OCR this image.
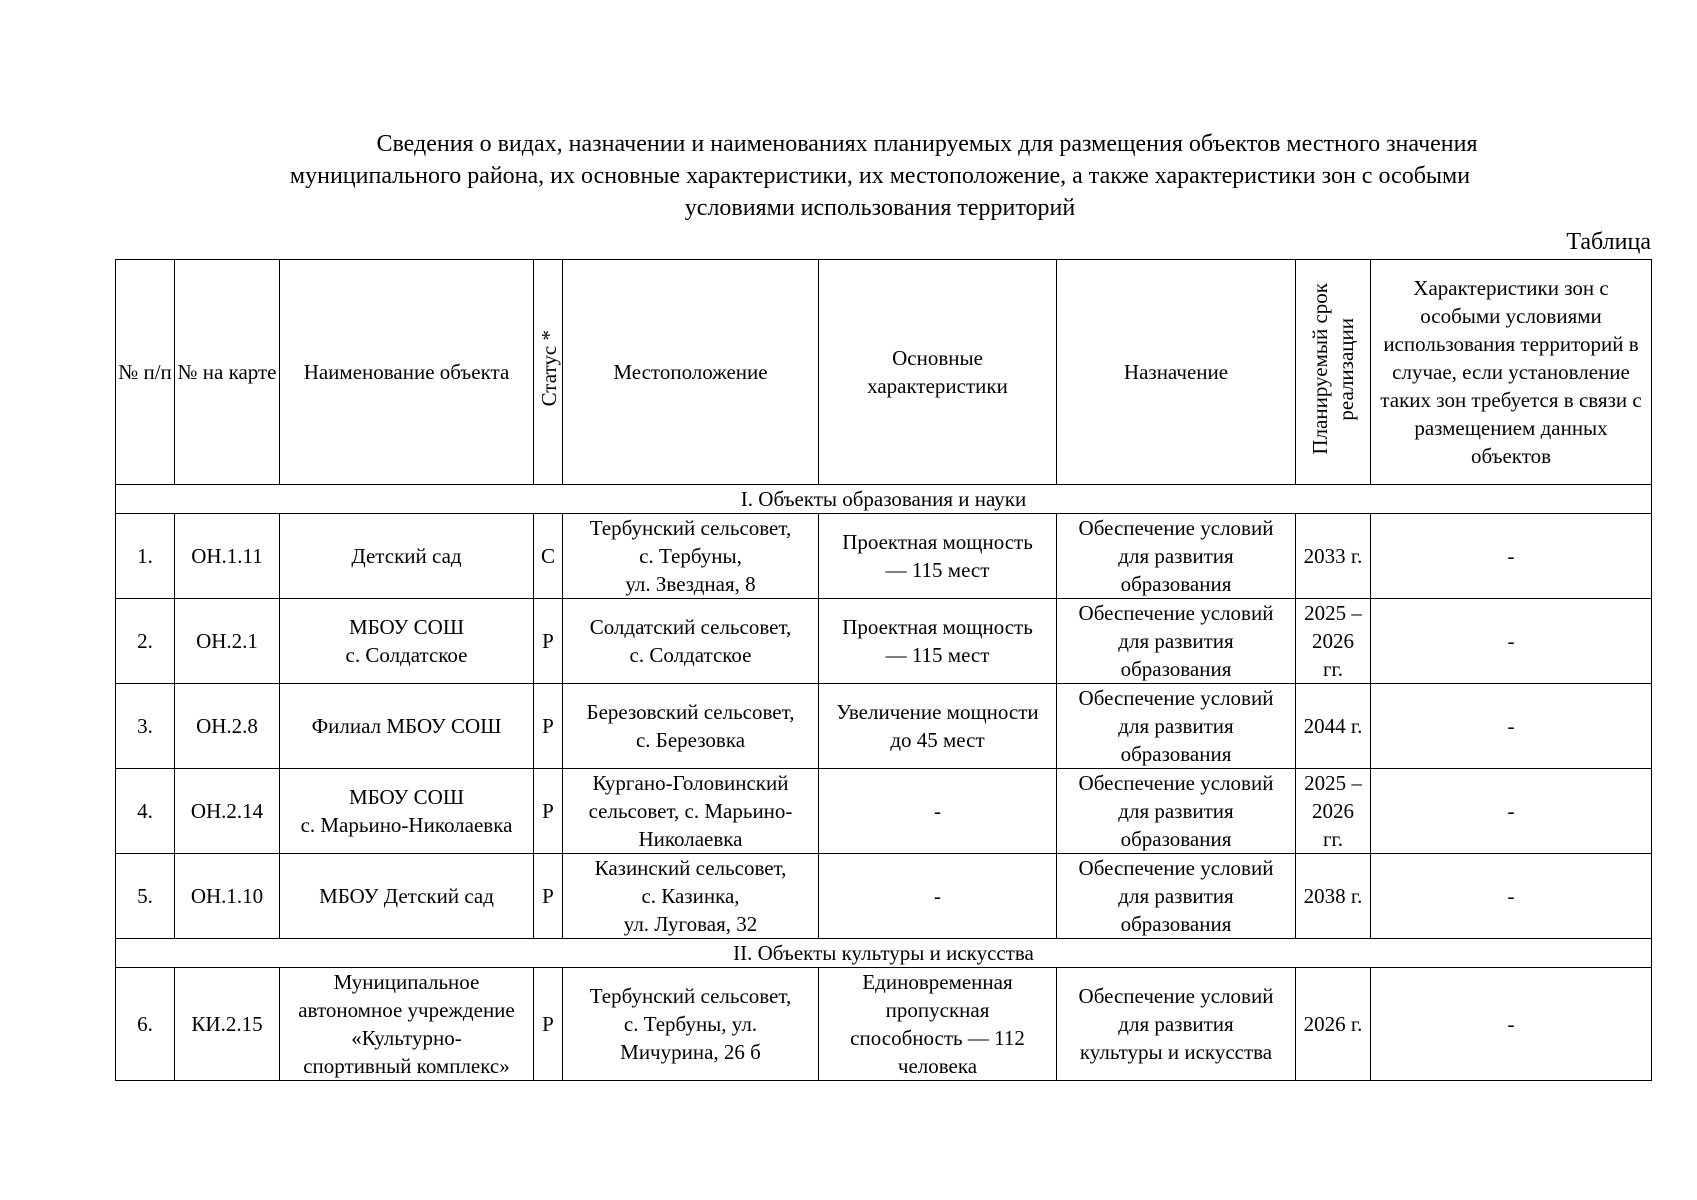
Сведения о видах, назначении и наименованиях планируемых для размещения объектов местного значения
муниципального района, их основные характеристики, их местоположение, а также характеристики зон с особыми
условиями использования территорий
Таблица
№ п/п	№ на карте	Наименование объекта	Статус *	Местоположение	Основные характеристики	Назначение	Планируемый срок
реализации	Характеристики зон с особыми условиями использования территорий в случае, если установление таких зон требуется в связи с размещением данных объектов
I. Объекты образования и науки								
1.	ОН.1.11	Детский сад	С	Тербунский сельсовет,
с. Тербуны,
ул. Звездная, 8	Проектная мощность
— 115 мест	Обеспечение условий
для развития
образования	2033 г.	-
2.	ОН.2.1	МБОУ СОШ
с. Солдатское	Р	Солдатский сельсовет,
с. Солдатское	Проектная мощность
— 115 мест	Обеспечение условий
для развития
образования	2025 –
2026
гг.	-
3.	ОН.2.8	Филиал МБОУ СОШ	Р	Березовский сельсовет,
с. Березовка	Увеличение мощности
до 45 мест	Обеспечение условий
для развития
образования	2044 г.	-
4.	ОН.2.14	МБОУ СОШ
с. Марьино-Николаевка	Р	Кургано-Головинский
сельсовет, с. Марьино-
Николаевка	-	Обеспечение условий
для развития
образования	2025 –
2026
гг.	-
5.	ОН.1.10	МБОУ Детский сад	Р	Казинский сельсовет,
с. Казинка,
ул. Луговая, 32	-	Обеспечение условий
для развития
образования	2038 г.	-
II. Объекты культуры и искусства								
6.	КИ.2.15	Муниципальное
автономное учреждение
«Культурно-
спортивный комплекс»	Р	Тербунский сельсовет,
с. Тербуны, ул.
Мичурина, 26 б	Единовременная
пропускная
способность — 112
человека	Обеспечение условий
для развития
культуры и искусства	2026 г.	-
